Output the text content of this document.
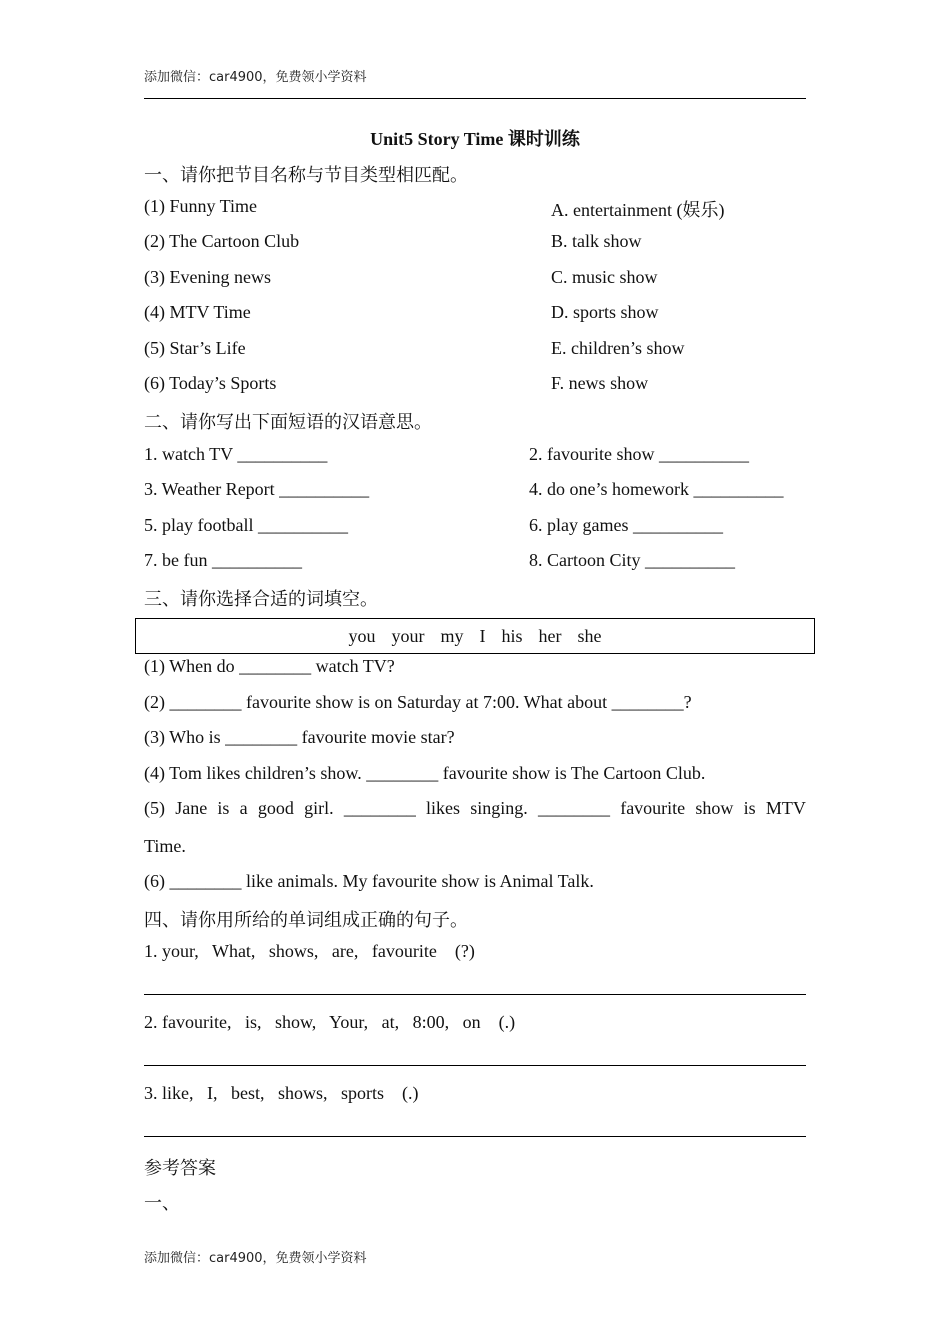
添加微信：car4900，免费领小学资料
Unit5 Story Time 课时训练
一、请你把节目名称与节目类型相匹配。
(1) Funny Time
(2) The Cartoon Club
(3) Evening news
(4) MTV Time
(5) Star’s Life
(6) Today’s Sports
A. entertainment (娱乐)
B. talk show
C. music show
D. sports show
E. children’s show
F. news show
二、请你写出下面短语的汉语意思。
1. watch TV __________
3. Weather Report __________
5. play football __________
7. be fun __________
2. favourite show __________
4. do one’s homework __________
6. play games __________
8. Cartoon City __________
三、请你选择合适的词填空。
you your my I his her she
(1) When do ________ watch TV?
(2) ________ favourite show is on Saturday at 7:00. What about ________?
(3) Who is ________ favourite movie star?
(4) Tom likes children’s show. ________ favourite show is The Cartoon Club.
(5) Jane is a good girl. ________ likes singing. ________ favourite show is MTV
Time.
(6) ________ like animals. My favourite show is Animal Talk.
四、请你用所给的单词组成正确的句子。
1. your,   What,   shows,   are,   favourite    (?)
2. favourite,   is,   show,   Your,   at,   8:00,   on    (.)
3. like,   I,   best,   shows,   sports    (.)
参考答案
一、
添加微信：car4900，免费领小学资料
